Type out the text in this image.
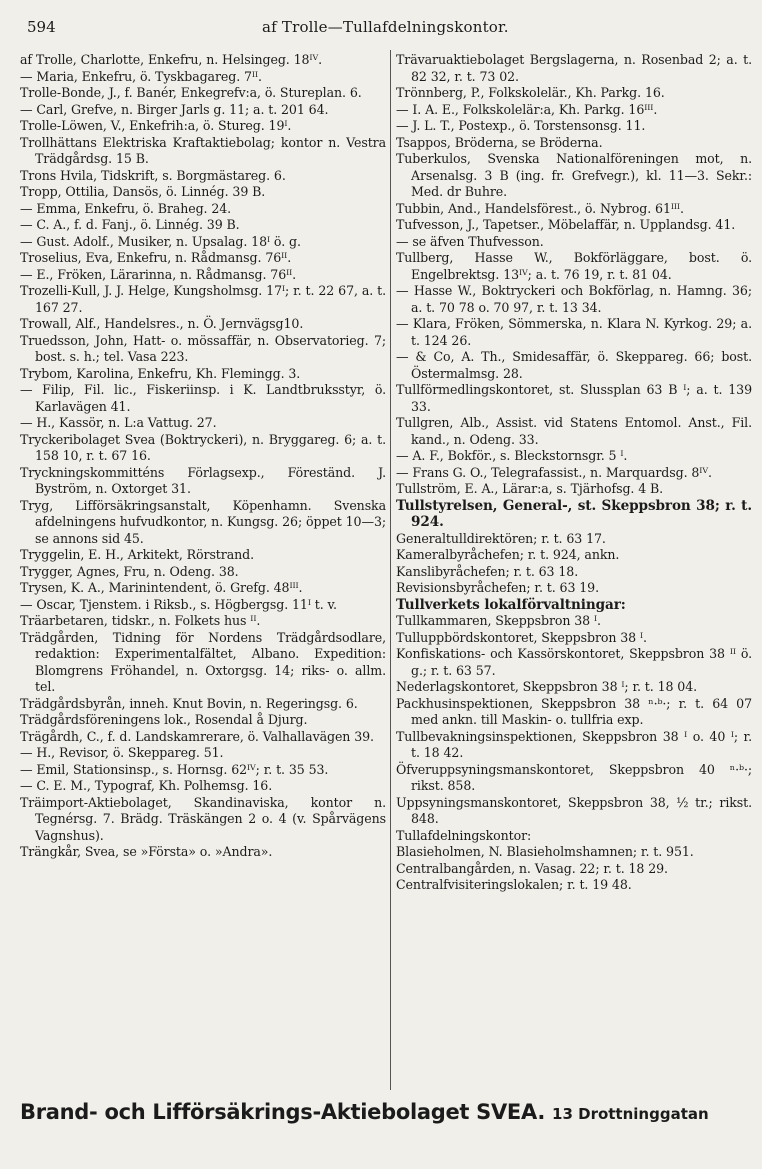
594	af Trolle—Tullafdelningskontor.
af Trolle, Charlotte, Enkefru, n. Helsingeg. 18ᴵⱽ.
— Maria, Enkefru, ö. Tyskbagareg. 7ᴵᴵ.
Trolle-Bonde, J., f. Banér, Enkegrefv:a, ö. Stureplan. 6.
— Carl, Grefve, n. Birger Jarls g. 11; a. t. 201 64.
Trolle-Löwen, V., Enkefrih:a, ö. Stureg. 19ᴵ.
Trollhättans Elektriska Kraftaktiebolag; kontor n. Vestra Trädgårdsg. 15 B.
Trons Hvila, Tidskrift, s. Borgmästareg. 6.
Tropp, Ottilia, Dansös, ö. Linnég. 39 B.
— Emma, Enkefru, ö. Braheg. 24.
— C. A., f. d. Fanj., ö. Linnég. 39 B.
— Gust. Adolf., Musiker, n. Upsalag. 18ᴵ ö. g.
Troselius, Eva, Enkefru, n. Rådmansg. 76ᴵᴵ.
— E., Fröken, Lärarinna, n. Rådmansg. 76ᴵᴵ.
Trozelli-Kull, J. J. Helge, Kungsholmsg. 17ᴵ; r. t. 22 67, a. t. 167 27.
Trowall, Alf., Handelsres., n. Ö. Jernvägsg10.
Truedsson, John, Hatt- o. mössaffär, n. Observatorieg. 7; bost. s. h.; tel. Vasa 223.
Trybom, Karolina, Enkefru, Kh. Flemingg. 3.
— Filip, Fil. lic., Fiskeriinsp. i K. Landtbruksstyr, ö. Karlavägen 41.
— H., Kassör, n. L:a Vattug. 27.
Tryckeribolaget Svea (Boktryckeri), n. Bryggareg. 6; a. t. 158 10, r. t. 67 16.
Tryckningskommitténs Förlagsexp., Föreständ. J. Byström, n. Oxtorget 31.
Tryg, Lifförsäkringsanstalt, Köpenhamn. Svenska afdelningens hufvudkontor, n. Kungsg. 26; öppet 10—3; se annons sid 45.
Tryggelin, E. H., Arkitekt, Rörstrand.
Trygger, Agnes, Fru, n. Odeng. 38.
Trysen, K. A., Marinintendent, ö. Grefg. 48ᴵᴵᴵ.
— Oscar, Tjenstem. i Riksb., s. Högbergsg. 11ᴵ t. v.
Träarbetaren, tidskr., n. Folkets hus ᴵᴵ.
Trädgården, Tidning för Nordens Trädgårdsodlare, redaktion: Experimentalfältet, Albano. Expedition: Blomgrens Fröhandel, n. Oxtorgsg. 14; riks- o. allm. tel.
Trädgårdsbyrån, inneh. Knut Bovin, n. Regeringsg. 6.
Trädgårdsföreningens lok., Rosendal å Djurg.
Trägårdh, C., f. d. Landskamrerare, ö. Valhallavägen 39.
— H., Revisor, ö. Skeppareg. 51.
— Emil, Stationsinsp., s. Hornsg. 62ᴵⱽ; r. t. 35 53.
— C. E. M., Typograf, Kh. Polhemsg. 16.
Träimport-Aktiebolaget, Skandinaviska, kontor n. Tegnérsg. 7. Brädg. Träskängen 2 o. 4 (v. Spårvägens Vagnshus).
Trängkår, Svea, se »Första» o. »Andra».
Trävaruaktiebolaget Bergslagerna, n. Rosenbad 2; a. t. 82 32, r. t. 73 02.
Trönnberg, P., Folkskolelär., Kh. Parkg. 16.
— I. A. E., Folkskolelär:a, Kh. Parkg. 16ᴵᴵᴵ.
— J. L. T., Postexp., ö. Torstensonsg. 11.
Tsappos, Bröderna, se Bröderna.
Tuberkulos, Svenska Nationalföreningen mot, n. Arsenalsg. 3 B (ing. fr. Grefvegr.), kl. 11—3. Sekr.: Med. dr Buhre.
Tubbin, And., Handelsförest., ö. Nybrog. 61ᴵᴵᴵ.
Tufvesson, J., Tapetser., Möbelaffär, n. Upplandsg. 41.
— se äfven Thufvesson.
Tullberg, Hasse W., Bokförläggare, bost. ö. Engelbrektsg. 13ᴵⱽ; a. t. 76 19, r. t. 81 04.
— Hasse W., Boktryckeri och Bokförlag, n. Hamng. 36; a. t. 70 78 o. 70 97, r. t. 13 34.
— Klara, Fröken, Sömmerska, n. Klara N. Kyrkog. 29; a. t. 124 26.
— & Co, A. Th., Smidesaffär, ö. Skeppareg. 66; bost. Östermalmsg. 28.
Tullförmedlingskontoret, st. Slussplan 63 B ᴵ; a. t. 139 33.
Tullgren, Alb., Assist. vid Statens Entomol. Anst., Fil. kand., n. Odeng. 33.
— A. F., Bokför., s. Bleckstornsgr. 5 ᴵ.
— Frans G. O., Telegrafassist., n. Marquardsg. 8ᴵⱽ.
Tullström, E. A., Lärar:a, s. Tjärhofsg. 4 B.
Tullstyrelsen, General-, st. Skeppsbron 38; r. t. 924.
Generaltulldirektören; r. t. 63 17.
Kameralbyråchefen; r. t. 924, ankn.
Kanslibyråchefen; r. t. 63 18.
Revisionsbyråchefen; r. t. 63 19.
Tullverkets lokalförvaltningar:
Tullkammaren, Skeppsbron 38 ᴵ.
Tulluppbördskontoret, Skeppsbron 38 ᴵ.
Konfiskations- och Kassörskontoret, Skeppsbron 38 ᴵᴵ ö. g.; r. t. 63 57.
Nederlagskontoret, Skeppsbron 38 ᴵ; r. t. 18 04.
Packhusinspektionen, Skeppsbron 38 ⁿ·ᵇ·; r. t. 64 07 med ankn. till Maskin- o. tullfria exp.
Tullbevakningsinspektionen, Skeppsbron 38 ᴵ o. 40 ᴵ; r. t. 18 42.
Öfveruppsyningsmanskontoret, Skeppsbron 40 ⁿ·ᵇ·; rikst. 858.
Uppsyningsmanskontoret, Skeppsbron 38, ½ tr.; rikst. 848.
Tullafdelningskontor:
Blasieholmen, N. Blasieholmshamnen; r. t. 951.
Centralbangården, n. Vasag. 22; r. t. 18 29.
Centralfvisiteringslokalen; r. t. 19 48.
Brand- och Lifförsäkrings-Aktiebolaget SVEA. 13 Drottninggatan
